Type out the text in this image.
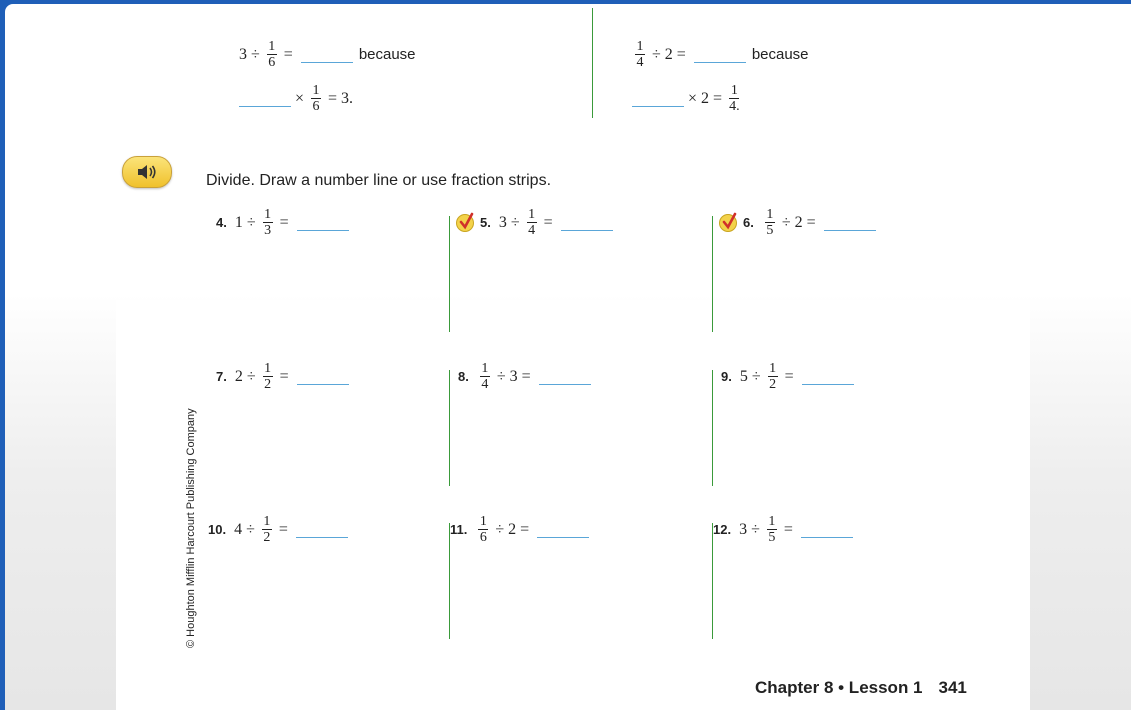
$3 \div \frac{1}{6}$ =	because
× $\frac{1}{6} = 3$.
$\frac{1}{4} \div 2$ =	because
× $2 = \frac{1}{4.}$
Divide. Draw a number line or use fraction strips.
4. $1 \div \frac{1}{3}$ =	5. $3 \div \frac{1}{4}$ =	6. $\frac{1}{5} \div 2$ =
7. $2 \div \frac{1}{2}$ =	8. $\frac{1}{4} \div 3$ =	9. $5 \div \frac{1}{2}$ =
10. $4 \div \frac{1}{2}$ =	11. $\frac{1}{6} \div 2$ =	12. $3 \div \frac{1}{5}$ =
© Houghton Mifflin Harcourt Publishing Company
Chapter 8 • Lesson 1 341
